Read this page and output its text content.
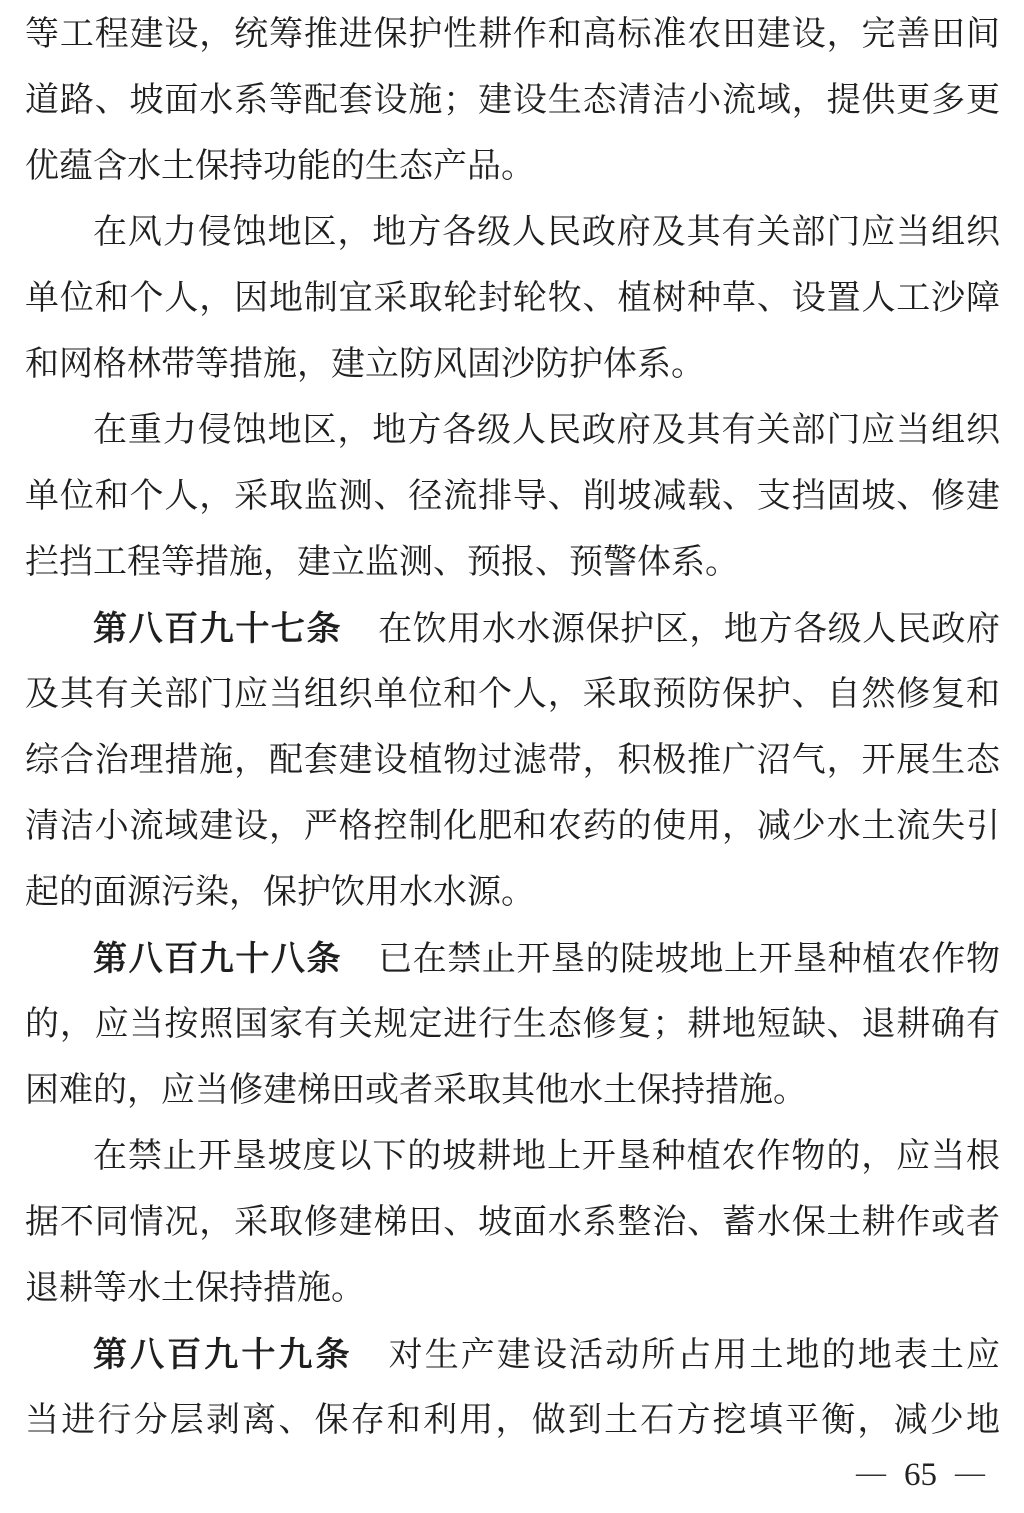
等工程建设，统筹推进保护性耕作和高标准农田建设，完善田间
道路、坡面水系等配套设施；建设生态清洁小流域，提供更多更
优蕴含水土保持功能的生态产品。
在风力侵蚀地区，地方各级人民政府及其有关部门应当组织
单位和个人，因地制宜采取轮封轮牧、植树种草、设置人工沙障
和网格林带等措施，建立防风固沙防护体系。
在重力侵蚀地区，地方各级人民政府及其有关部门应当组织
单位和个人，采取监测、径流排导、削坡减载、支挡固坡、修建
拦挡工程等措施，建立监测、预报、预警体系。
第八百九十七条 在饮用水水源保护区，地方各级人民政府
及其有关部门应当组织单位和个人，采取预防保护、自然修复和
综合治理措施，配套建设植物过滤带，积极推广沼气，开展生态
清洁小流域建设，严格控制化肥和农药的使用，减少水土流失引
起的面源污染，保护饮用水水源。
第八百九十八条 已在禁止开垦的陡坡地上开垦种植农作物
的，应当按照国家有关规定进行生态修复；耕地短缺、退耕确有
困难的，应当修建梯田或者采取其他水土保持措施。
在禁止开垦坡度以下的坡耕地上开垦种植农作物的，应当根
据不同情况，采取修建梯田、坡面水系整治、蓄水保土耕作或者
退耕等水土保持措施。
第八百九十九条 对生产建设活动所占用土地的地表土应
当进行分层剥离、保存和利用，做到土石方挖填平衡，减少地
— 65 —
